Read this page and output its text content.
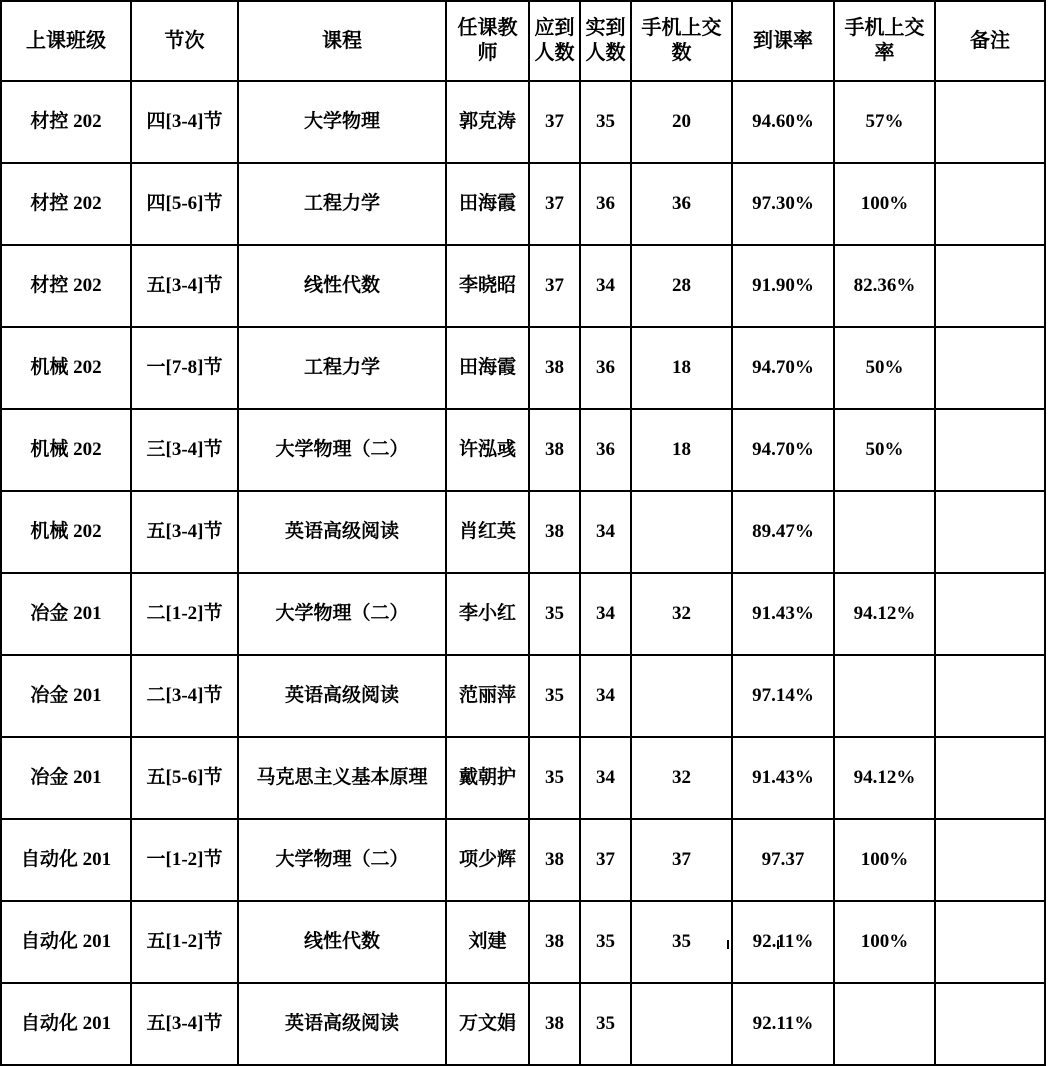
上课班级	节次	课程	任课教师	应到人数	实到人数	手机上交数	到课率	手机上交率	备注
材控 202	四[3-4]节	大学物理	郭克涛	37	35	20	94.60%	57%	
材控 202	四[5-6]节	工程力学	田海霞	37	36	36	97.30%	100%	
材控 202	五[3-4]节	线性代数	李晓昭	37	34	28	91.90%	82.36%	
机械 202	一[7-8]节	工程力学	田海霞	38	36	18	94.70%	50%	
机械 202	三[3-4]节	大学物理（二）	许泓彧	38	36	18	94.70%	50%	
机械 202	五[3-4]节	英语高级阅读	肖红英	38	34		89.47%		
冶金 201	二[1-2]节	大学物理（二）	李小红	35	34	32	91.43%	94.12%	
冶金 201	二[3-4]节	英语高级阅读	范丽萍	35	34		97.14%		
冶金 201	五[5-6]节	马克思主义基本原理	戴朝护	35	34	32	91.43%	94.12%	
自动化 201	一[1-2]节	大学物理（二）	项少辉	38	37	37	97.37	100%	
自动化 201	五[1-2]节	线性代数	刘建	38	35	35	92.11%	100%	
自动化 201	五[3-4]节	英语高级阅读	万文娟	38	35		92.11%		
